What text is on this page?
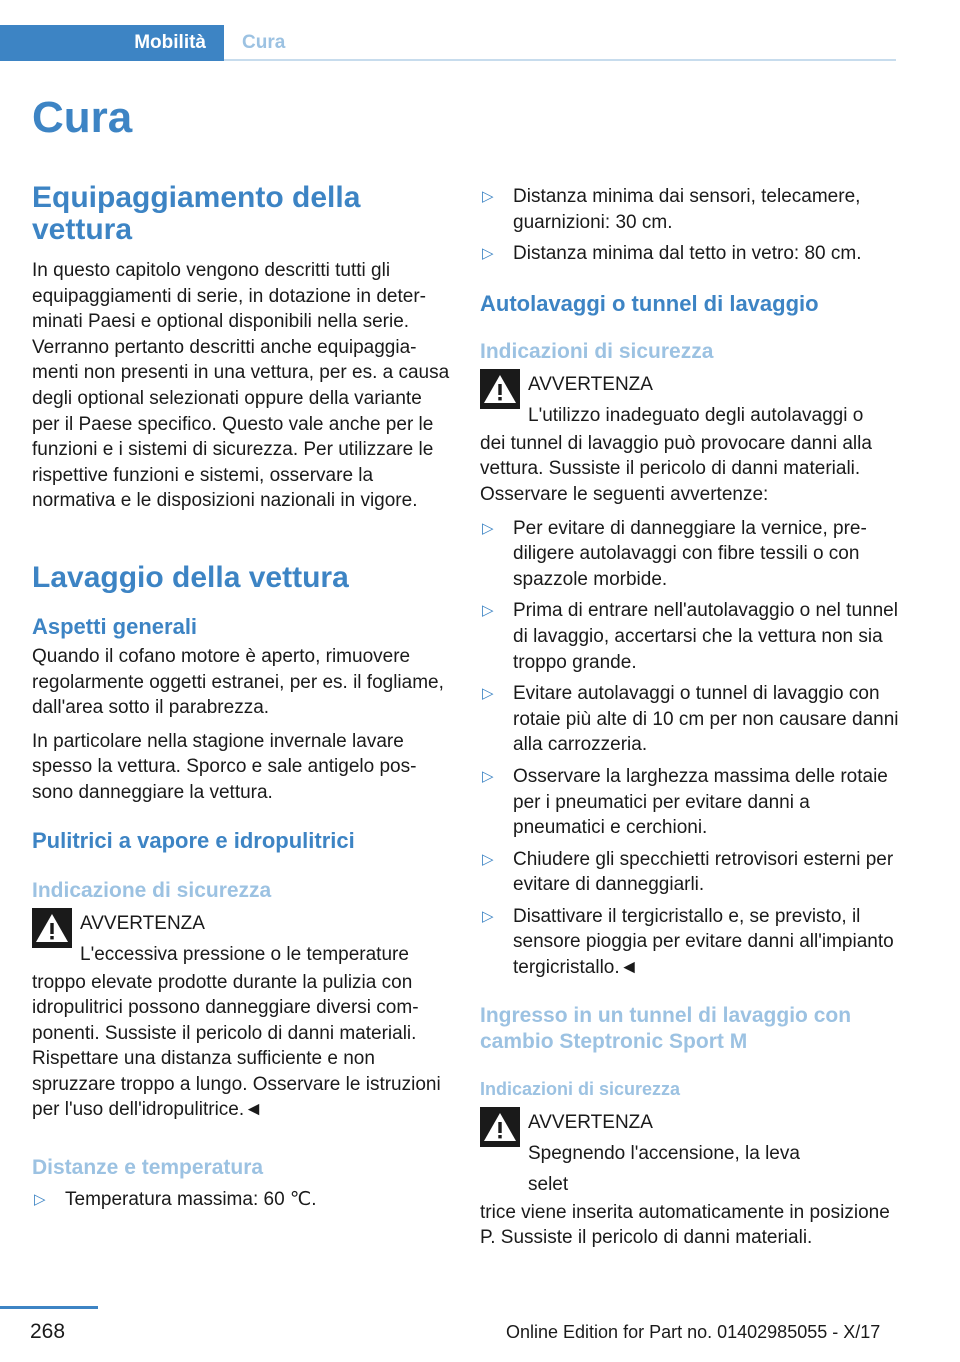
Mobilità	Cura
Cura
Equipaggiamento della vettura

In questo capitolo vengono descritti tutti gli equipaggiamenti di serie, in dotazione in determinati Paesi e optional disponibili nella serie. Verranno pertanto descritti anche equipaggiamenti non presenti in una vettura, per es. a causa degli optional selezionati oppure della variante per il Paese specifico. Questo vale anche per le funzioni e i sistemi di sicurezza. Per utilizzare le rispettive funzioni e sistemi, osservare la normativa e le disposizioni nazionali in vigore.

Lavaggio della vettura
Aspetti generali

Quando il cofano motore è aperto, rimuovere regolarmente oggetti estranei, per es. il fogliame, dall'area sotto il parabrezza.

In particolare nella stagione invernale lavare spesso la vettura. Sporco e sale antigelo possono danneggiare la vettura.

Pulitrici a vapore e idropulitrici
Indicazione di sicurezza
AVVERTENZA
L'eccessiva pressione o le temperature

troppo elevate prodotte durante la pulizia con idropulitrici possono danneggiare diversi componenti. Sussiste il pericolo di danni materiali. Rispettare una distanza sufficiente e non spruzzare troppo a lungo. Osservare le istruzioni per l'uso dell'idropulitrice.◄

Distanze e temperatura
▷ Temperatura massima: 60 ℃.
▷ Distanza minima dai sensori, telecamere, guarnizioni: 30 cm.
▷ Distanza minima dal tetto in vetro: 80 cm.
Autolavaggi o tunnel di lavaggio
Indicazioni di sicurezza
AVVERTENZA
L'utilizzo inadeguato degli autolavaggi o

dei tunnel di lavaggio può provocare danni alla vettura. Sussiste il pericolo di danni materiali. Osservare le seguenti avvertenze:

▷ Per evitare di danneggiare la vernice, prediligere autolavaggi con fibre tessili o con spazzole morbide.
▷ Prima di entrare nell'autolavaggio o nel tunnel di lavaggio, accertarsi che la vettura non sia troppo grande.
▷ Evitare autolavaggi o tunnel di lavaggio con rotaie più alte di 10 cm per non causare danni alla carrozzeria.
▷ Osservare la larghezza massima delle rotaie per i pneumatici per evitare danni a pneumatici e cerchioni.
▷ Chiudere gli specchietti retrovisori esterni per evitare di danneggiarli.
▷ Disattivare il tergicristallo e, se previsto, il sensore pioggia per evitare danni all'impianto tergicristallo.◄
Ingresso in un tunnel di lavaggio con cambio Steptronic Sport M
Indicazioni di sicurezza
AVVERTENZA
Spegnendo l'accensione, la leva selet

trice viene inserita automaticamente in posizione P. Sussiste il pericolo di danni materiali.

268	Online Edition for Part no. 01402985055 - X/17
